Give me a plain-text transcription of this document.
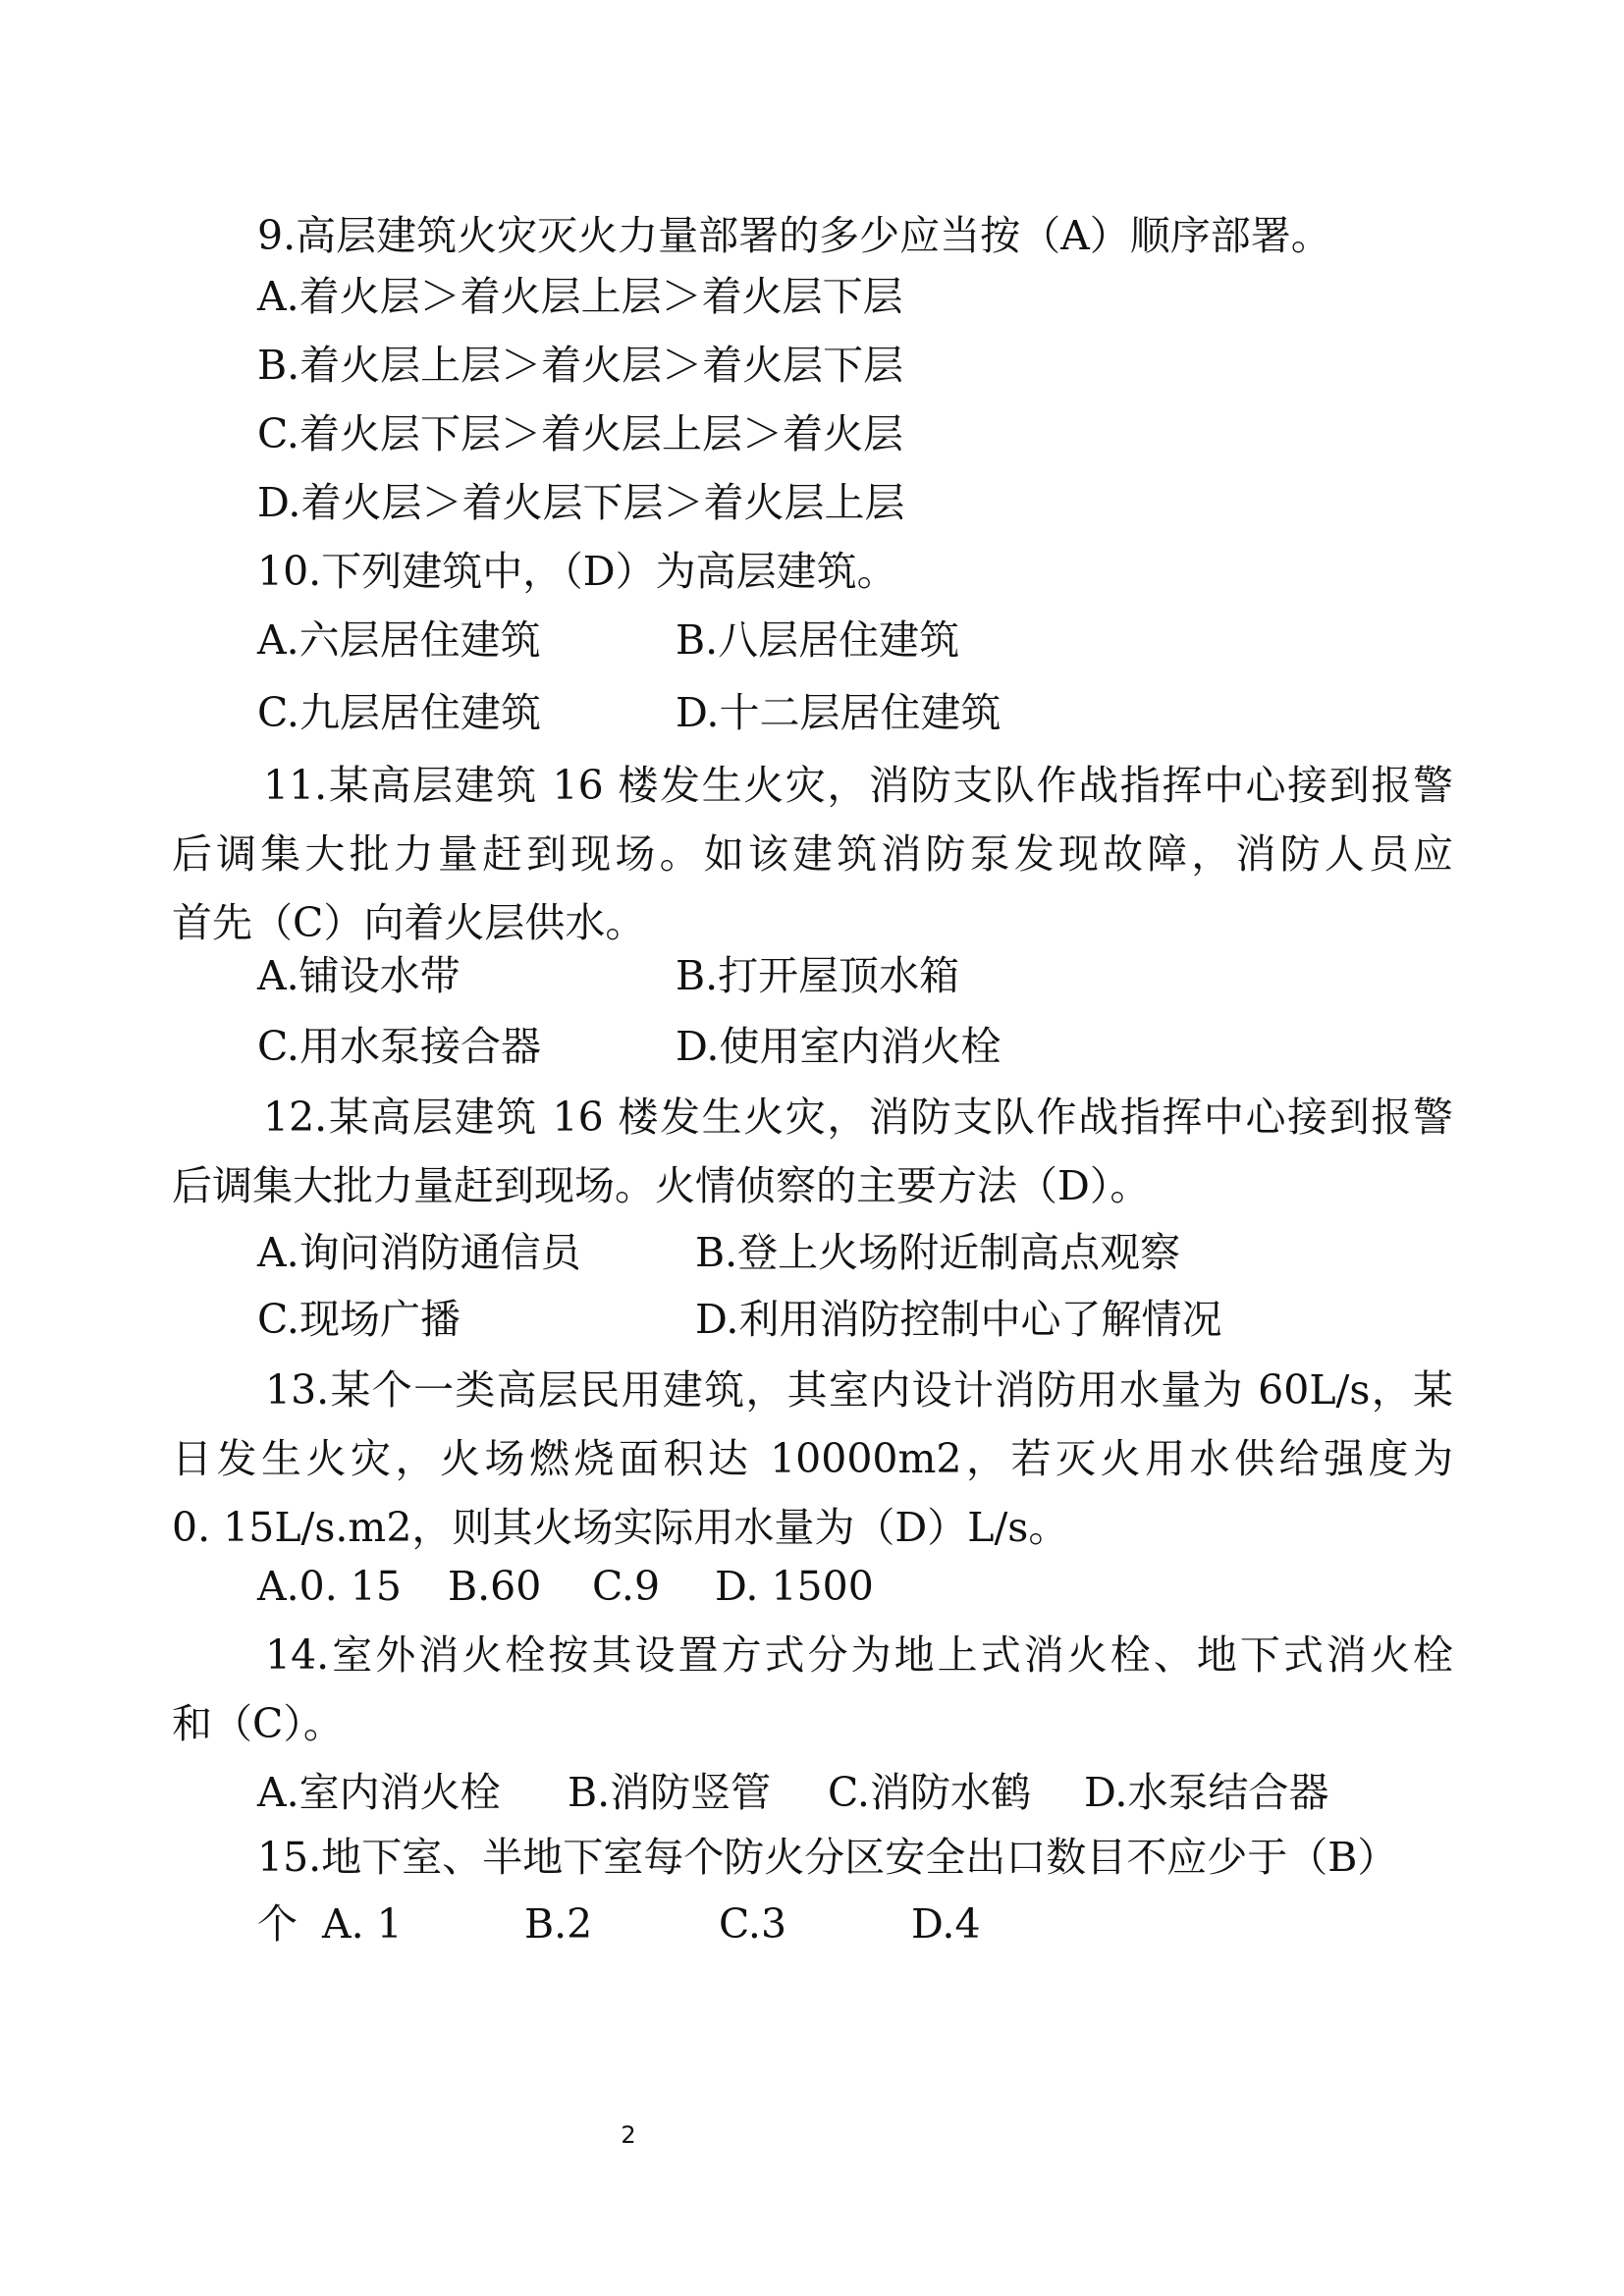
9.高层建筑火灾灭火力量部署的多少应当按（A）顺序部署。
A.着火层＞着火层上层＞着火层下层
B.着火层上层＞着火层＞着火层下层
C.着火层下层＞着火层上层＞着火层
D.着火层＞着火层下层＞着火层上层
10.下列建筑中，（D）为高层建筑。
A.六层居住建筑	B.八层居住建筑
C.九层居住建筑	D.十二层居住建筑
11.某高层建筑 16 楼发生火灾，消防支队作战指挥中心接到报警
后调集大批力量赶到现场。如该建筑消防泵发现故障，消防人员应
首先（C）向着火层供水。
A.铺设水带	B.打开屋顶水箱
C.用水泵接合器	D.使用室内消火栓
12.某高层建筑 16 楼发生火灾，消防支队作战指挥中心接到报警
后调集大批力量赶到现场。火情侦察的主要方法（D）。
A.询问消防通信员	B.登上火场附近制高点观察
C.现场广播	D.利用消防控制中心了解情况
13.某个一类高层民用建筑，其室内设计消防用水量为 60L/s，某
日发生火灾，火场燃烧面积达 10000m2，若灭火用水供给强度为
0. 15L/s.m2，则其火场实际用水量为（D）L/s。
A.0. 15 B.60 C.9 D. 1500
14.室外消火栓按其设置方式分为地上式消火栓、地下式消火栓
和（C）。
A.室内消火栓 B.消防竖管 C.消防水鹤 D.水泵结合器
15.地下室、半地下室每个防火分区安全出口数目不应少于（B）
个 A. 1	B.2	C.3	D.4
2
